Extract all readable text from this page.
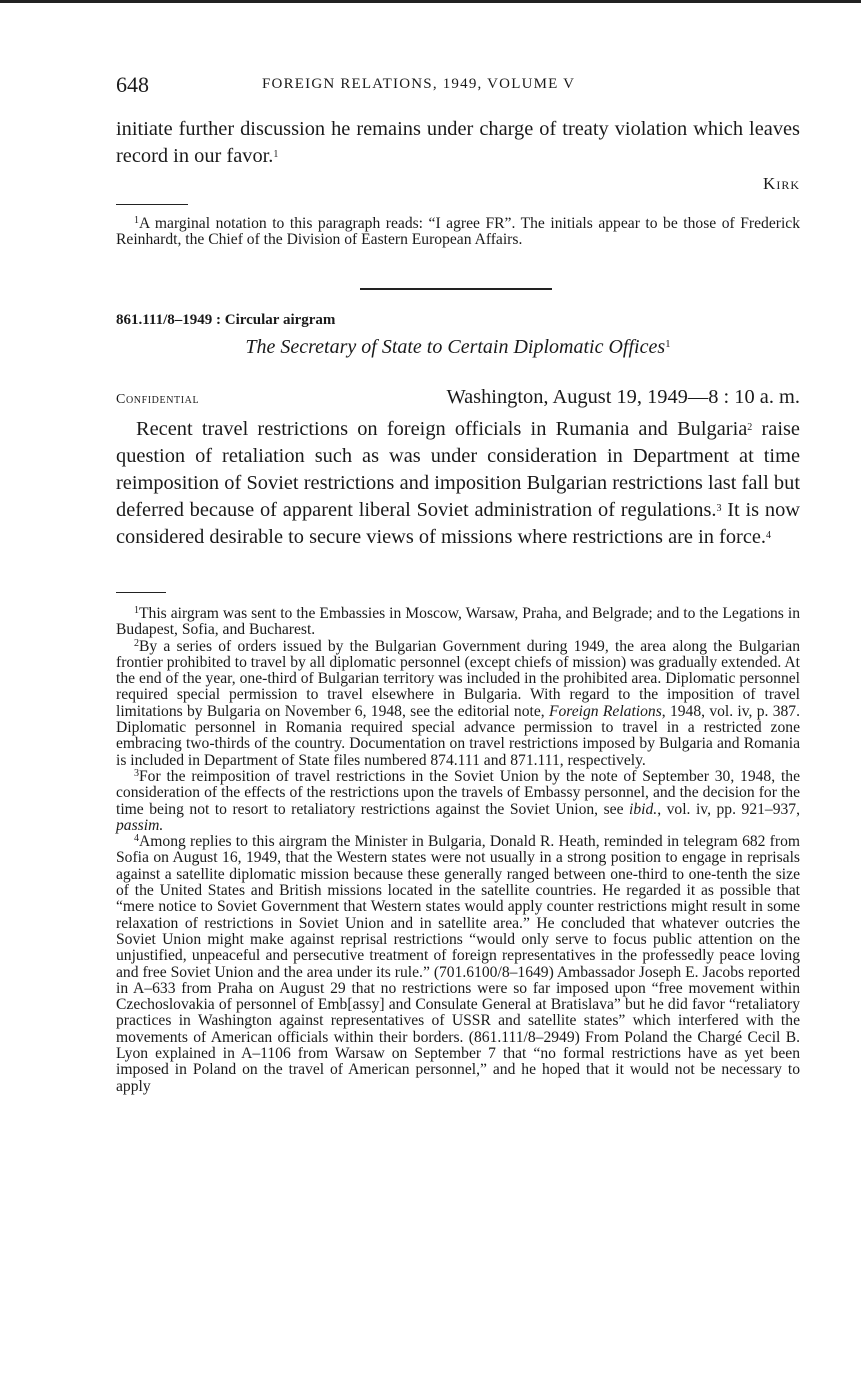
648	FOREIGN RELATIONS, 1949, VOLUME V

initiate further discussion he remains under charge of treaty violation which leaves record in our favor.$^1$

Kirk

$^1$A marginal notation to this paragraph reads: “I agree FR”. The initials appear to be those of Frederick Reinhardt, the Chief of the Division of Eastern European Affairs.

861.111/8–1949 : Circular airgram
The Secretary of State to Certain Diplomatic Offices$^1$
Confidential	Washington, August 19, 1949—8 : 10 a. m.

Recent travel restrictions on foreign officials in Rumania and Bulgaria$^2$ raise question of retaliation such as was under consideration in Department at time reimposition of Soviet restrictions and imposition Bulgarian restrictions last fall but deferred because of apparent liberal Soviet administration of regulations.$^3$ It is now considered desirable to secure views of missions where restrictions are in force.$^4$

$^1$This airgram was sent to the Embassies in Moscow, Warsaw, Praha, and Belgrade; and to the Legations in Budapest, Sofia, and Bucharest.

$^2$By a series of orders issued by the Bulgarian Government during 1949, the area along the Bulgarian frontier prohibited to travel by all diplomatic personnel (except chiefs of mission) was gradually extended. At the end of the year, one-third of Bulgarian territory was included in the prohibited area. Diplomatic personnel required special permission to travel elsewhere in Bulgaria. With regard to the imposition of travel limitations by Bulgaria on November 6, 1948, see the editorial note, Foreign Relations, 1948, vol. iv, p. 387. Diplomatic personnel in Romania required special advance permission to travel in a restricted zone embracing two-thirds of the country. Documentation on travel restrictions imposed by Bulgaria and Romania is included in Department of State files numbered 874.111 and 871.111, respectively.

$^3$For the reimposition of travel restrictions in the Soviet Union by the note of September 30, 1948, the consideration of the effects of the restrictions upon the travels of Embassy personnel, and the decision for the time being not to resort to retaliatory restrictions against the Soviet Union, see ibid., vol. iv, pp. 921–937, passim.

$^4$Among replies to this airgram the Minister in Bulgaria, Donald R. Heath, reminded in telegram 682 from Sofia on August 16, 1949, that the Western states were not usually in a strong position to engage in reprisals against a satellite diplomatic mission because these generally ranged between one-third to one-tenth the size of the United States and British missions located in the satellite countries. He regarded it as possible that “mere notice to Soviet Government that Western states would apply counter restrictions might result in some relaxation of restrictions in Soviet Union and in satellite area.” He concluded that whatever outcries the Soviet Union might make against reprisal restrictions “would only serve to focus public attention on the unjustified, unpeaceful and persecutive treatment of foreign representatives in the professedly peace loving and free Soviet Union and the area under its rule.” (701.6100/8–1649) Ambassador Joseph E. Jacobs reported in A–633 from Praha on August 29 that no restrictions were so far imposed upon “free movement within Czechoslovakia of personnel of Emb[assy] and Consulate General at Bratislava” but he did favor “retaliatory practices in Washington against representatives of USSR and satellite states” which interfered with the movements of American officials within their borders. (861.111/8–2949) From Poland the Chargé Cecil B. Lyon explained in A–1106 from Warsaw on September 7 that “no formal restrictions have as yet been imposed in Poland on the travel of American personnel,” and he hoped that it would not be necessary to apply
